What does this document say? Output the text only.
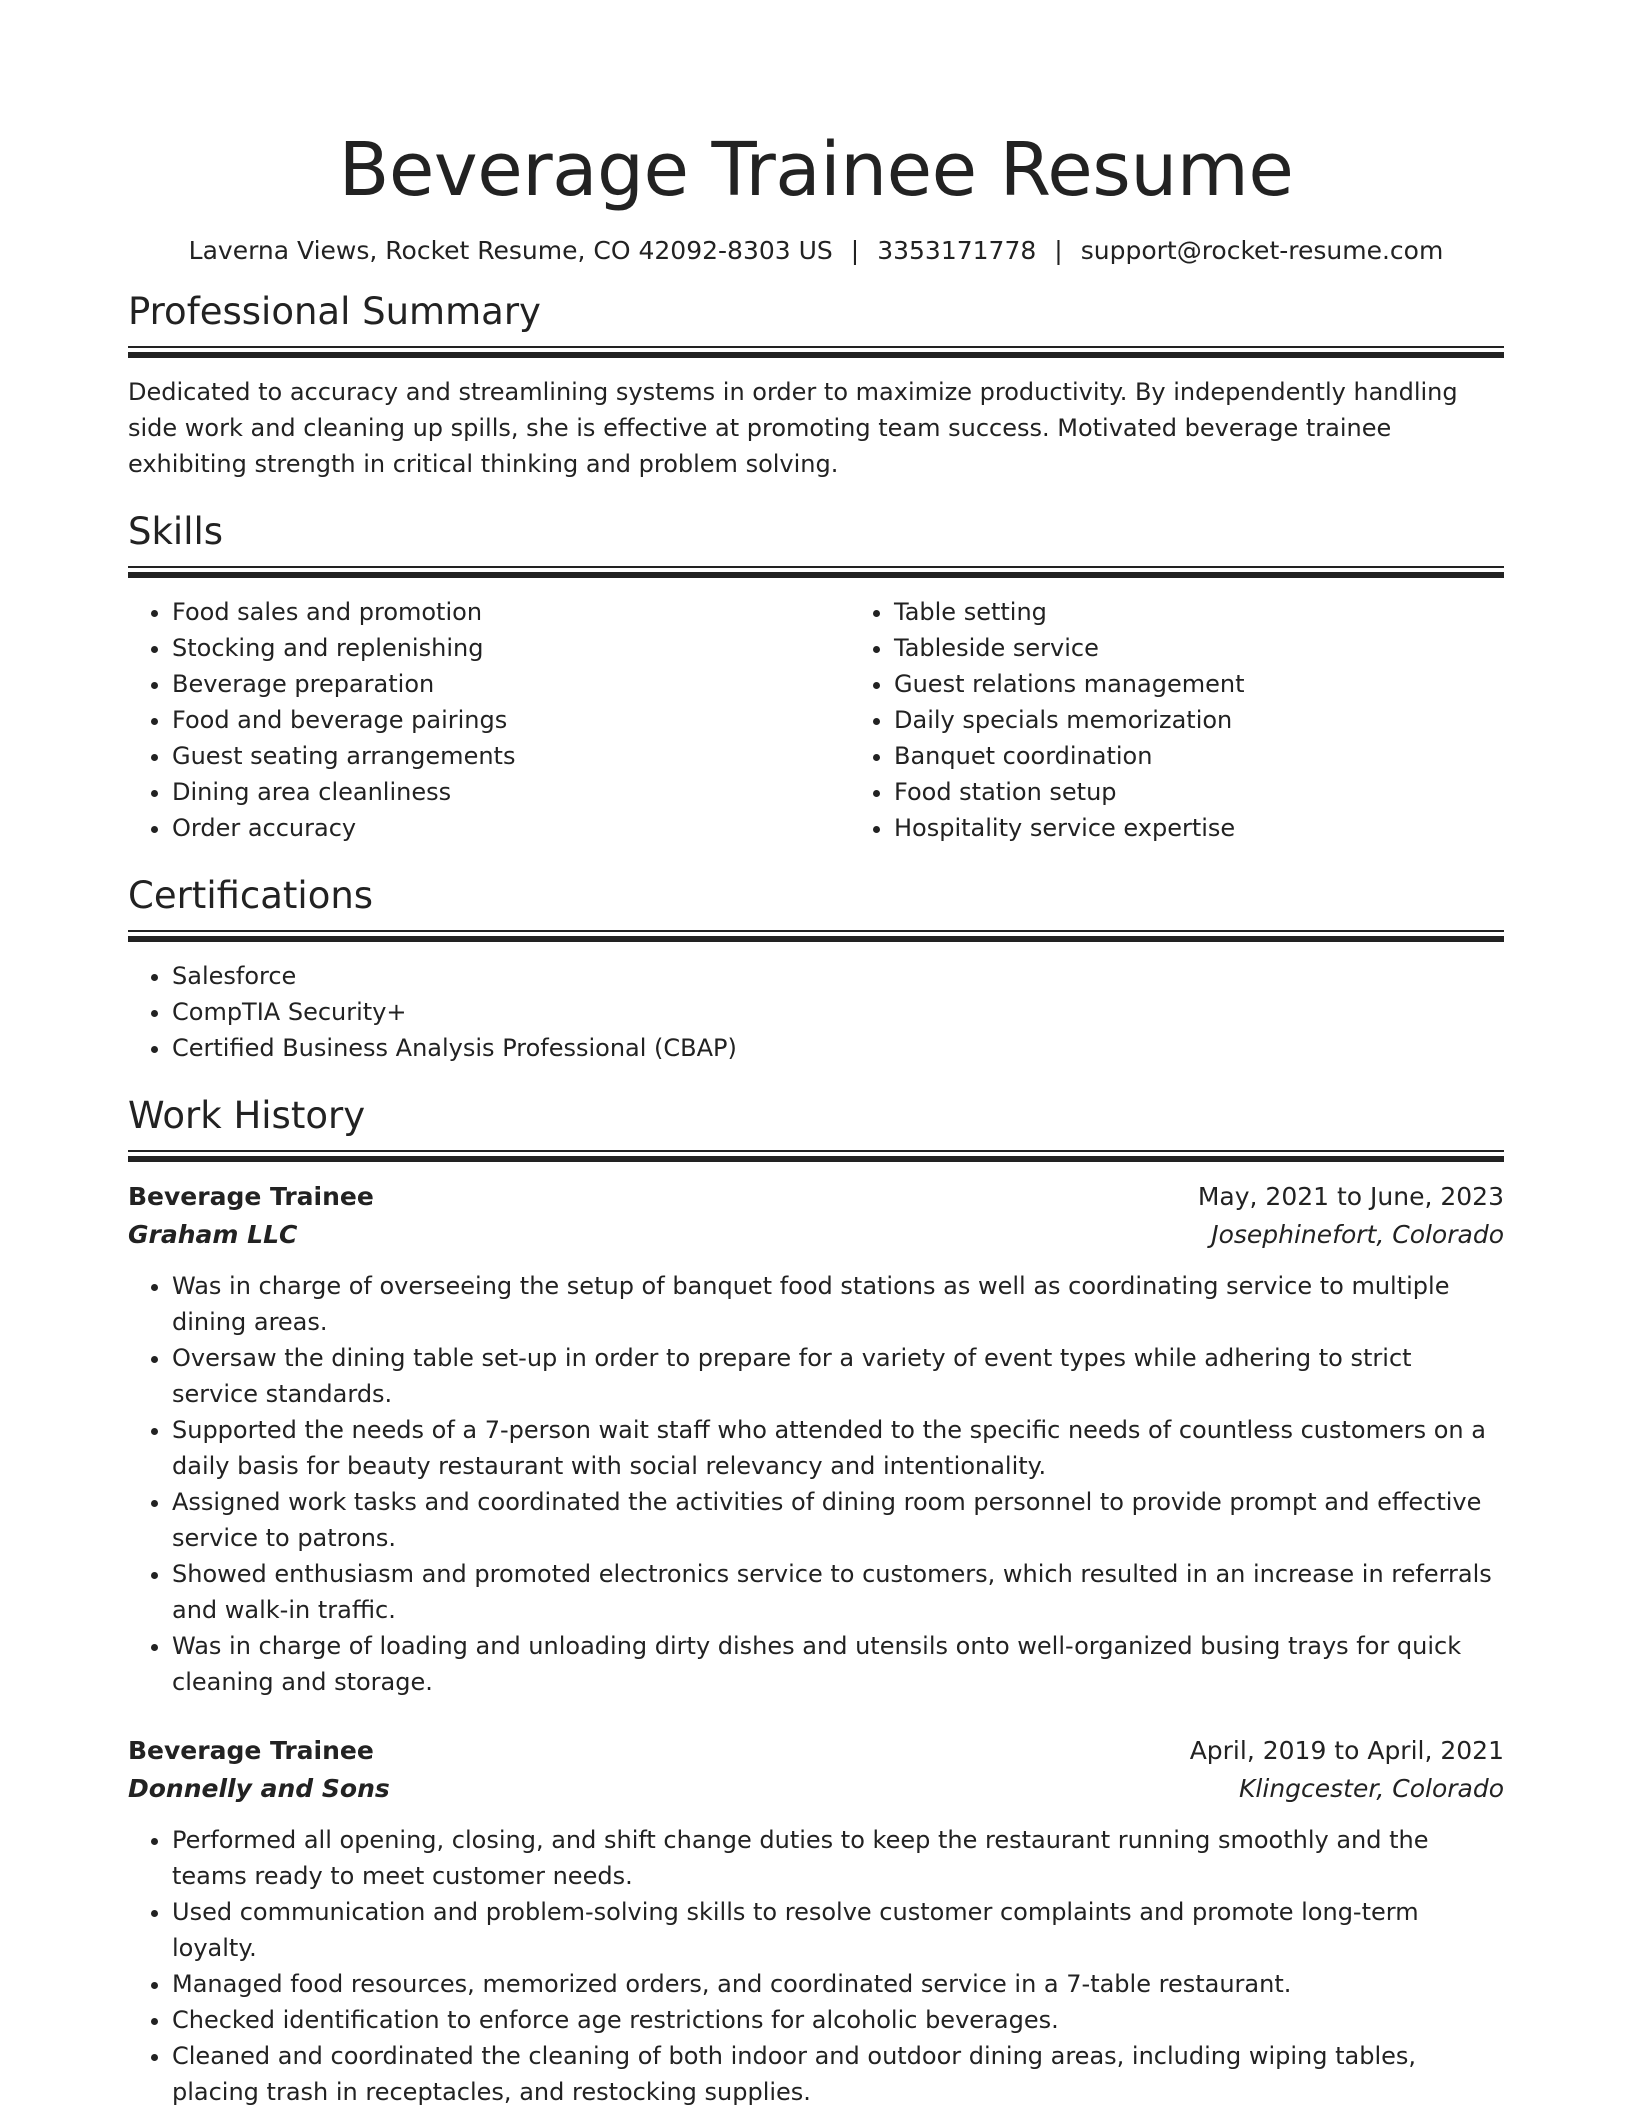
Beverage Trainee Resume
Laverna Views, Rocket Resume, CO 42092-8303 US | 3353171778 | support@rocket-resume.com
Professional Summary

Dedicated to accuracy and streamlining systems in order to maximize productivity. By independently handling side work and cleaning up spills, she is effective at promoting team success. Motivated beverage trainee exhibiting strength in critical thinking and problem solving.

Skills
• Food sales and promotion
• Stocking and replenishing
• Beverage preparation
• Food and beverage pairings
• Guest seating arrangements
• Dining area cleanliness
• Order accuracy
• Table setting
• Tableside service
• Guest relations management
• Daily specials memorization
• Banquet coordination
• Food station setup
• Hospitality service expertise
Certifications
• Salesforce
• CompTIA Security+
• Certified Business Analysis Professional (CBAP)
Work History
Beverage Trainee	May, 2021 to June, 2023
Graham LLC	Josephinefort, Colorado
• Was in charge of overseeing the setup of banquet food stations as well as coordinating service to multiple dining areas.
• Oversaw the dining table set-up in order to prepare for a variety of event types while adhering to strict service standards.
• Supported the needs of a 7-person wait staff who attended to the specific needs of countless customers on a daily basis for beauty restaurant with social relevancy and intentionality.
• Assigned work tasks and coordinated the activities of dining room personnel to provide prompt and effective service to patrons.
• Showed enthusiasm and promoted electronics service to customers, which resulted in an increase in referrals and walk-in traffic.
• Was in charge of loading and unloading dirty dishes and utensils onto well-organized busing trays for quick cleaning and storage.
Beverage Trainee	April, 2019 to April, 2021
Donnelly and Sons	Klingcester, Colorado
• Performed all opening, closing, and shift change duties to keep the restaurant running smoothly and the teams ready to meet customer needs.
• Used communication and problem-solving skills to resolve customer complaints and promote long-term loyalty.
• Managed food resources, memorized orders, and coordinated service in a 7-table restaurant.
• Checked identification to enforce age restrictions for alcoholic beverages.
• Cleaned and coordinated the cleaning of both indoor and outdoor dining areas, including wiping tables, placing trash in receptacles, and restocking supplies.
